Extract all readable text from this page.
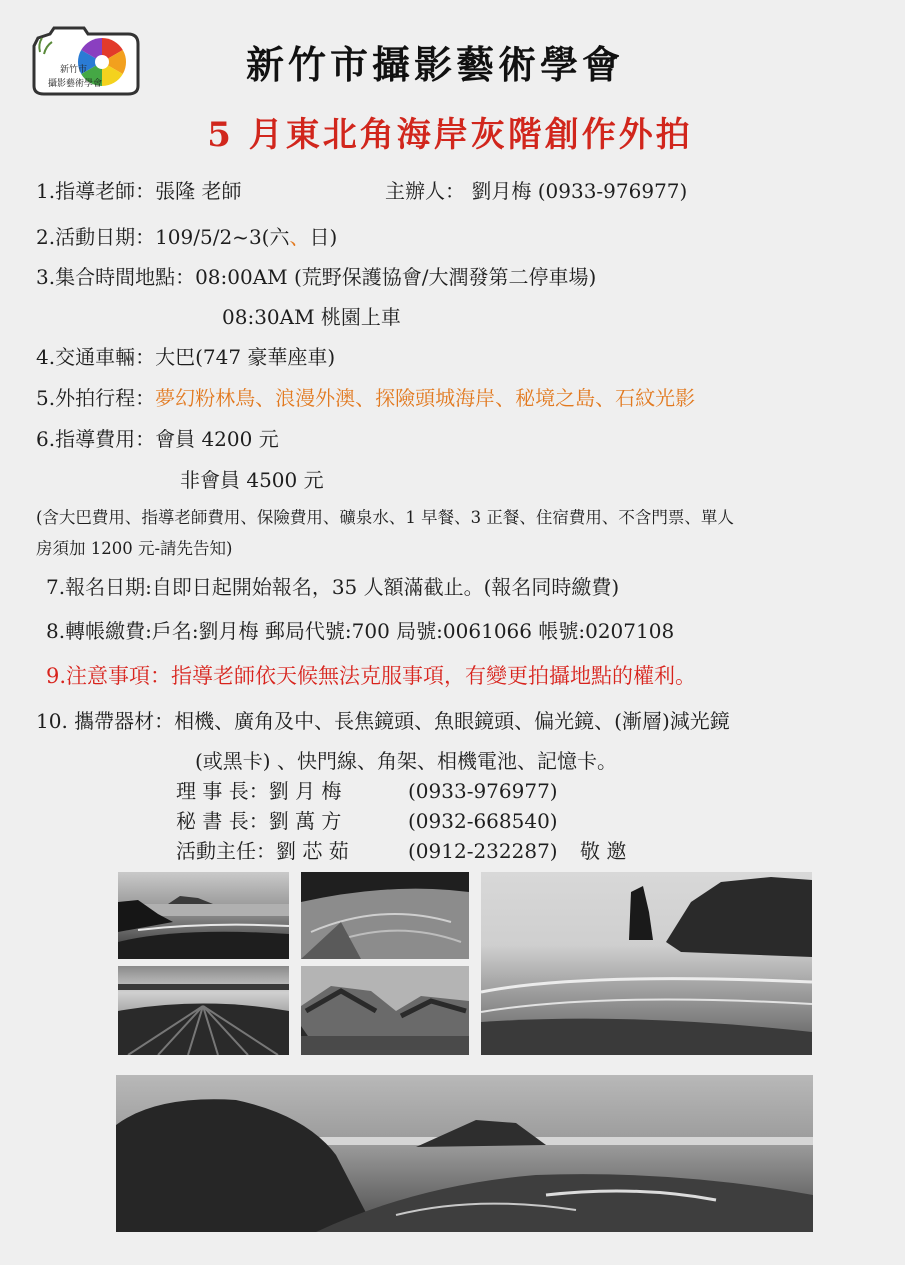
新竹市
攝影藝術學會	新竹市攝影藝術學會
5 月東北角海岸灰階創作外拍
1.指導老師：張隆 老師	主辦人： 劉月梅 (0933-976977)
2.活動日期：109/5/2~3(六、日)
3.集合時間地點：08:00AM (荒野保護協會/大潤發第二停車場)
08:30AM 桃園上車
4.交通車輛：大巴(747 豪華座車)
5.外拍行程：夢幻粉林鳥、浪漫外澳、探險頭城海岸、秘境之島、石紋光影
6.指導費用：會員 4200 元
非會員 4500 元
(含大巴費用、指導老師費用、保險費用、礦泉水、1 早餐、3 正餐、住宿費用、不含門票、單人
房須加 1200 元-請先告知)
7.報名日期:自即日起開始報名，35 人額滿截止。(報名同時繳費)
8.轉帳繳費:戶名:劉月梅 郵局代號:700 局號:0061066 帳號:0207108
9.注意事項：指導老師依天候無法克服事項，有變更拍攝地點的權利。
10. 攜帶器材：相機、廣角及中、長焦鏡頭、魚眼鏡頭、偏光鏡、(漸層)減光鏡
(或黑卡) 、快門線、角架、相機電池、記憶卡。
理 事 長：劉 月 梅	(0933-976977)
秘 書 長：劉 萬 方	(0932-668540)
活動主任：劉 芯 茹	(0912-232287) 敬 邀
